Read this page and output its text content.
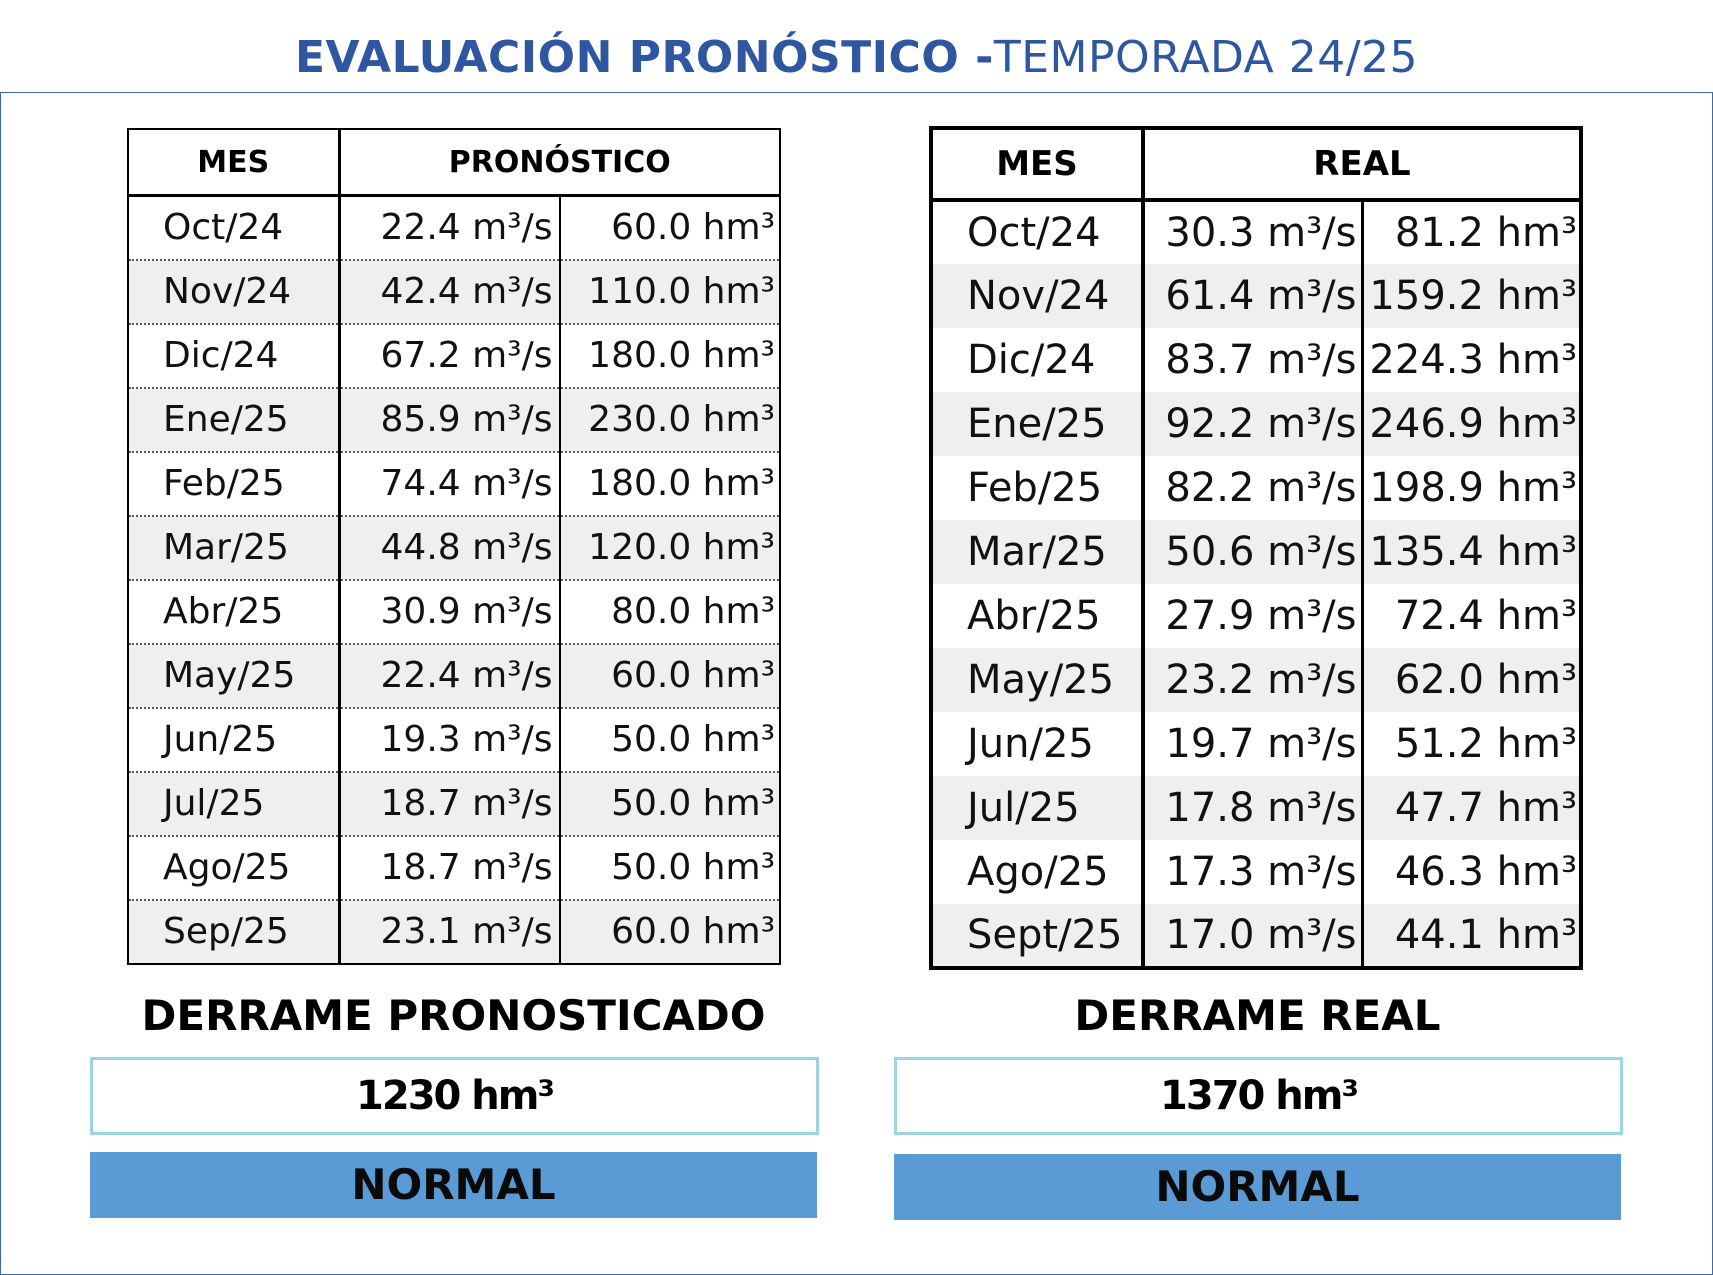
EVALUACIÓN PRONÓSTICO -TEMPORADA 24/25
MES	PRONÓSTICO	
Oct/24	22.4 m³/s	60.0 hm³
Nov/24	42.4 m³/s	110.0 hm³
Dic/24	67.2 m³/s	180.0 hm³
Ene/25	85.9 m³/s	230.0 hm³
Feb/25	74.4 m³/s	180.0 hm³
Mar/25	44.8 m³/s	120.0 hm³
Abr/25	30.9 m³/s	80.0 hm³
May/25	22.4 m³/s	60.0 hm³
Jun/25	19.3 m³/s	50.0 hm³
Jul/25	18.7 m³/s	50.0 hm³
Ago/25	18.7 m³/s	50.0 hm³
Sep/25	23.1 m³/s	60.0 hm³
MES	REAL	
Oct/24	30.3 m³/s	81.2 hm³
Nov/24	61.4 m³/s	159.2 hm³
Dic/24	83.7 m³/s	224.3 hm³
Ene/25	92.2 m³/s	246.9 hm³
Feb/25	82.2 m³/s	198.9 hm³
Mar/25	50.6 m³/s	135.4 hm³
Abr/25	27.9 m³/s	72.4 hm³
May/25	23.2 m³/s	62.0 hm³
Jun/25	19.7 m³/s	51.2 hm³
Jul/25	17.8 m³/s	47.7 hm³
Ago/25	17.3 m³/s	46.3 hm³
Sept/25	17.0 m³/s	44.1 hm³
DERRAME PRONOSTICADO
1230 hm³
NORMAL
DERRAME REAL
1370 hm³
NORMAL
